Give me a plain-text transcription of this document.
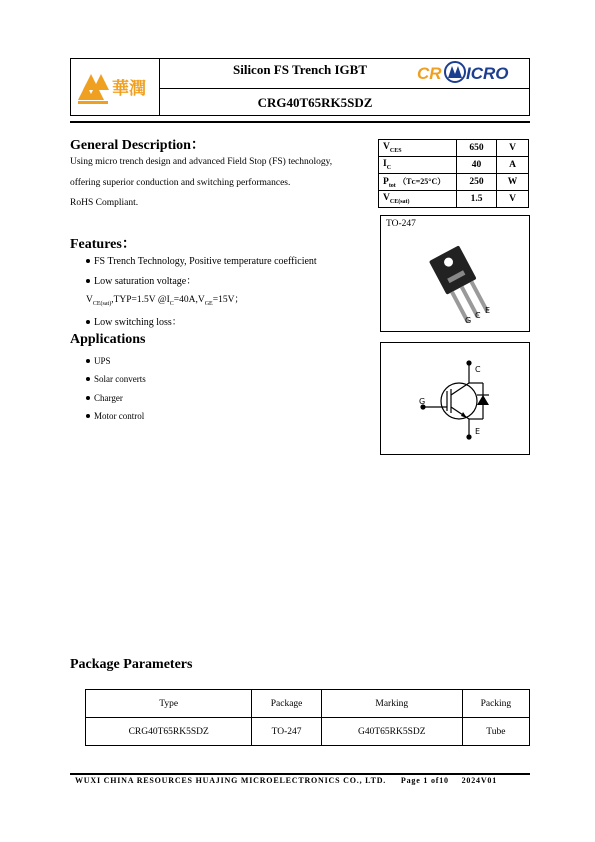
華潤
Silicon FS Trench IGBT	CR ICRO
CRG40T65RK5SDZ
General Description：
Using micro trench design and advanced Field Stop (FS) technology,
offering superior conduction and switching performances.
RoHS Compliant.
$V_{CES}$	650	V
$I_C$	40	A
$P_{tot}$ （Tᴄ=25°C）	250	W
$V_{CE(sat)}$	1.5	V
TO-247
G
C
E
C
G
E
Features：
FS Trench Technology, Positive temperature coefficient
Low saturation voltage：
$V_{CE(sat)},TYP=1.5V$ $@I_C=40A,V_{GE}=15V$；
Low switching loss：
Applications
UPS
Solar converts
Charger
Motor control
Package Parameters
Type	Package	Marking	Packing
CRG40T65RK5SDZ	TO-247	G40T65RK5SDZ	Tube
WUXI CHINA RESOURCES HUAJING MICROELECTRONICS CO., LTD. Page 1 of10 2024V01
